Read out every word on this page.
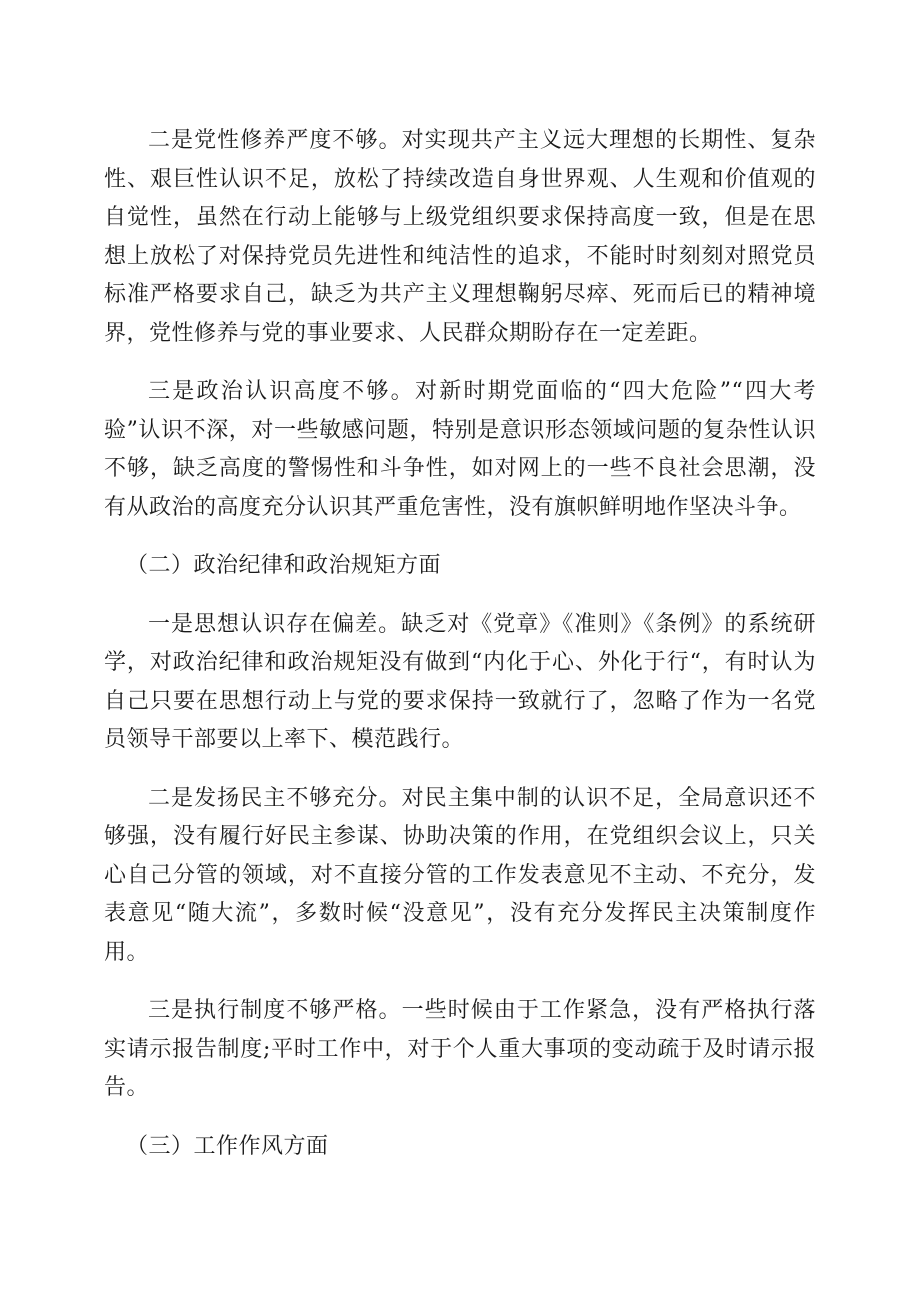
二是党性修养严度不够。对实现共产主义远大理想的长期性、复杂性、艰巨性认识不足，放松了持续改造自身世界观、人生观和价值观的自觉性，虽然在行动上能够与上级党组织要求保持高度一致，但是在思想上放松了对保持党员先进性和纯洁性的追求，不能时时刻刻对照党员标准严格要求自己，缺乏为共产主义理想鞠躬尽瘁、死而后已的精神境界，党性修养与党的事业要求、人民群众期盼存在一定差距。

三是政治认识高度不够。对新时期党面临的“四大危险”“四大考验”认识不深，对一些敏感问题，特别是意识形态领域问题的复杂性认识不够，缺乏高度的警惕性和斗争性，如对网上的一些不良社会思潮，没有从政治的高度充分认识其严重危害性，没有旗帜鲜明地作坚决斗争。

（二）政治纪律和政治规矩方面

一是思想认识存在偏差。缺乏对《党章》《准则》《条例》的系统研学，对政治纪律和政治规矩没有做到“内化于心、外化于行“，有时认为自己只要在思想行动上与党的要求保持一致就行了，忽略了作为一名党员领导干部要以上率下、模范践行。

二是发扬民主不够充分。对民主集中制的认识不足，全局意识还不够强，没有履行好民主参谋、协助决策的作用，在党组织会议上，只关心自己分管的领域，对不直接分管的工作发表意见不主动、不充分，发表意见“随大流”，多数时候“没意见”，没有充分发挥民主决策制度作用。

三是执行制度不够严格。一些时候由于工作紧急，没有严格执行落实请示报告制度;平时工作中，对于个人重大事项的变动疏于及时请示报告。

（三）工作作风方面
